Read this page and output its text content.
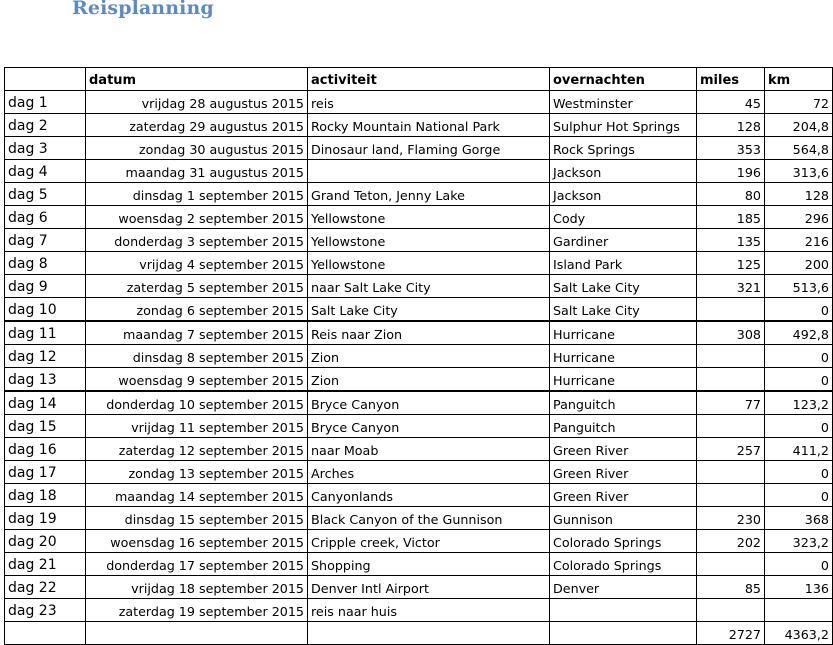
Reisplanning
	datum	activiteit	overnachten	miles	km
dag 1	vrijdag 28 augustus 2015	reis	Westminster	45	72
dag 2	zaterdag 29 augustus 2015	Rocky Mountain National Park	Sulphur Hot Springs	128	204,8
dag 3	zondag 30 augustus 2015	Dinosaur land, Flaming Gorge	Rock Springs	353	564,8
dag 4	maandag 31 augustus 2015		Jackson	196	313,6
dag 5	dinsdag 1 september 2015	Grand Teton, Jenny Lake	Jackson	80	128
dag 6	woensdag 2 september 2015	Yellowstone	Cody	185	296
dag 7	donderdag 3 september 2015	Yellowstone	Gardiner	135	216
dag 8	vrijdag 4 september 2015	Yellowstone	Island Park	125	200
dag 9	zaterdag 5 september 2015	naar Salt Lake City	Salt Lake City	321	513,6
dag 10	zondag 6 september 2015	Salt Lake City	Salt Lake City		0
dag 11	maandag 7 september 2015	Reis naar Zion	Hurricane	308	492,8
dag 12	dinsdag 8 september 2015	Zion	Hurricane		0
dag 13	woensdag 9 september 2015	Zion	Hurricane		0
dag 14	donderdag 10 september 2015	Bryce Canyon	Panguitch	77	123,2
dag 15	vrijdag 11 september 2015	Bryce Canyon	Panguitch		0
dag 16	zaterdag 12 september 2015	naar Moab	Green River	257	411,2
dag 17	zondag 13 september 2015	Arches	Green River		0
dag 18	maandag 14 september 2015	Canyonlands	Green River		0
dag 19	dinsdag 15 september 2015	Black Canyon of the Gunnison	Gunnison	230	368
dag 20	woensdag 16 september 2015	Cripple creek, Victor	Colorado Springs	202	323,2
dag 21	donderdag 17 september 2015	Shopping	Colorado Springs		0
dag 22	vrijdag 18 september 2015	Denver Intl Airport	Denver	85	136
dag 23	zaterdag 19 september 2015	reis naar huis			
				2727	4363,2
